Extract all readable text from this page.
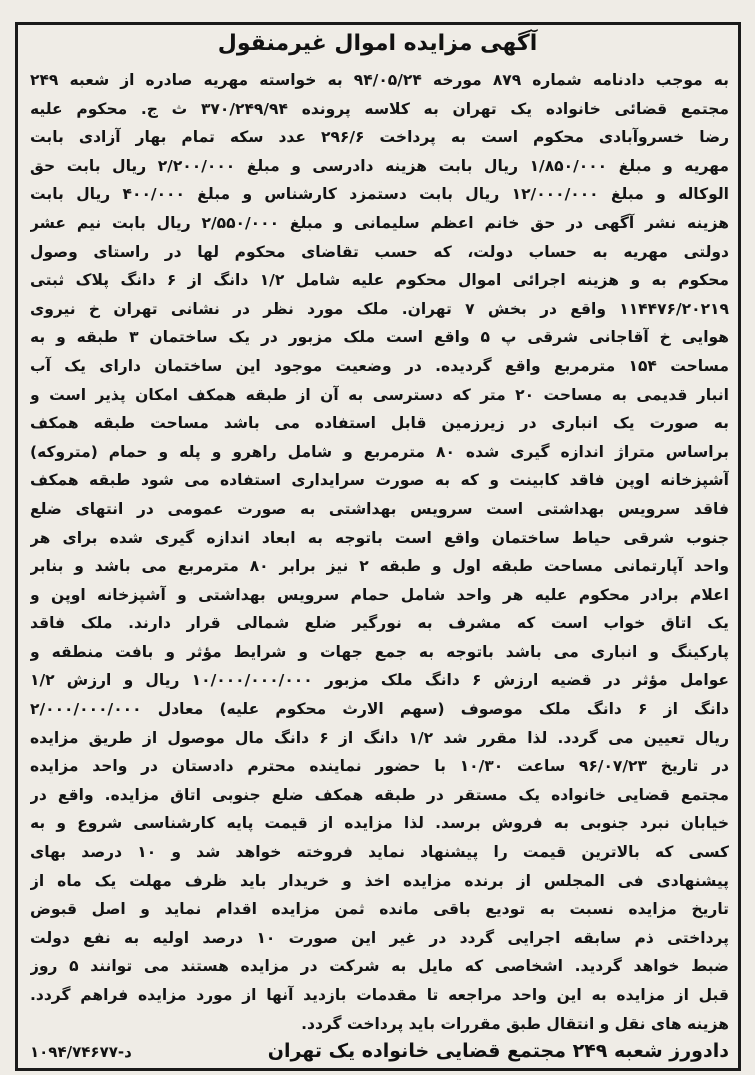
آگهی مزایده اموال غیرمنقول
به موجب دادنامه شماره ۸۷۹ مورخه ۹۴/۰۵/۲۴ به خواسته مهریه صادره از شعبه ۲۴۹
مجتمع قضائی خانواده یک تهران به کلاسه پرونده ۳۷۰/۲۴۹/۹۴ ث ج. محکوم علیه
رضا خسروآبادی محکوم است به پرداخت ۲۹۶/۶ عدد سکه تمام بهار آزادی بابت
مهریه و مبلغ ۱/۸۵۰/۰۰۰ ریال بابت هزینه دادرسی و مبلغ ۲/۲۰۰/۰۰۰ ریال بابت حق
الوکاله و مبلغ ۱۲/۰۰۰/۰۰۰ ریال بابت دستمزد کارشناس و مبلغ ۴۰۰/۰۰۰ ریال بابت
هزینه نشر آگهی در حق خانم اعظم سلیمانی و مبلغ ۲/۵۵۰/۰۰۰ ریال بابت نیم عشر
دولتی مهریه به حساب دولت، که حسب تقاضای محکوم لها در راستای وصول
محکوم به و هزینه اجرائی اموال محکوم علیه شامل ۱/۲ دانگ از ۶ دانگ پلاک ثبتی
۱۱۴۴۷۶/۲۰۲۱۹ واقع در بخش ۷ تهران. ملک مورد نظر در نشانی تهران خ نیروی
هوایی خ آقاجانی شرقی پ ۵ واقع است ملک مزبور در یک ساختمان ۳ طبقه و به
مساحت ۱۵۴ مترمربع واقع گردیده. در وضعیت موجود این ساختمان دارای یک آب
انبار قدیمی به مساحت ۲۰ متر که دسترسی به آن از طبقه همکف امکان پذیر است و
به صورت یک انباری در زیرزمین قابل استفاده می باشد مساحت طبقه همکف
براساس متراژ اندازه گیری شده ۸۰ مترمربع و شامل راهرو و پله و حمام (متروکه)
آشپزخانه اوپن فاقد کابینت و که به صورت سرایداری استفاده می شود طبقه همکف
فاقد سرویس بهداشتی است سرویس بهداشتی به صورت عمومی در انتهای ضلع
جنوب شرقی حیاط ساختمان واقع است باتوجه به ابعاد اندازه گیری شده برای هر
واحد آپارتمانی مساحت طبقه اول و طبقه ۲ نیز برابر ۸۰ مترمربع می باشد و بنابر
اعلام برادر محکوم علیه هر واحد شامل حمام سرویس بهداشتی و آشپزخانه اوپن و
یک اتاق خواب است که مشرف به نورگیر ضلع شمالی قرار دارند. ملک فاقد
پارکینگ و انباری می باشد باتوجه به جمع جهات و شرایط مؤثر و بافت منطقه و
عوامل مؤثر در قضیه ارزش ۶ دانگ ملک مزبور ۱۰/۰۰۰/۰۰۰/۰۰۰ ریال و ارزش ۱/۲
دانگ از ۶ دانگ ملک موصوف (سهم الارث محکوم علیه) معادل ۲/۰۰۰/۰۰۰/۰۰۰
ریال تعیین می گردد. لذا مقرر شد ۱/۲ دانگ از ۶ دانگ مال موصول از طریق مزایده
در تاریخ ۹۶/۰۷/۲۳ ساعت ۱۰/۳۰ با حضور نماینده محترم دادستان در واحد مزایده
مجتمع قضایی خانواده یک مستقر در طبقه همکف ضلع جنوبی اتاق مزایده. واقع در
خیابان نبرد جنوبی به فروش برسد. لذا مزایده از قیمت پایه کارشناسی شروع و به
کسی که بالاترین قیمت را پیشنهاد نماید فروخته خواهد شد و ۱۰ درصد بهای
پیشنهادی فی المجلس از برنده مزایده اخذ و خریدار باید ظرف مهلت یک ماه از
تاریخ مزایده نسبت به تودیع باقی مانده ثمن مزایده اقدام نماید و اصل قبوض
پرداختی ذم سابقه اجرایی گردد در غیر این صورت ۱۰ درصد اولیه به نفع دولت
ضبط خواهد گردید. اشخاصی که مایل به شرکت در مزایده هستند می توانند ۵ روز
قبل از مزایده به این واحد مراجعه تا مقدمات بازدید آنها از مورد مزایده فراهم گردد.
هزینه های نقل و انتقال طبق مقررات باید پرداخت گردد.
دادورز شعبه ۲۴۹ مجتمع قضایی خانواده یک تهران
د-۱۰۹۴/۷۴۶۷۷
